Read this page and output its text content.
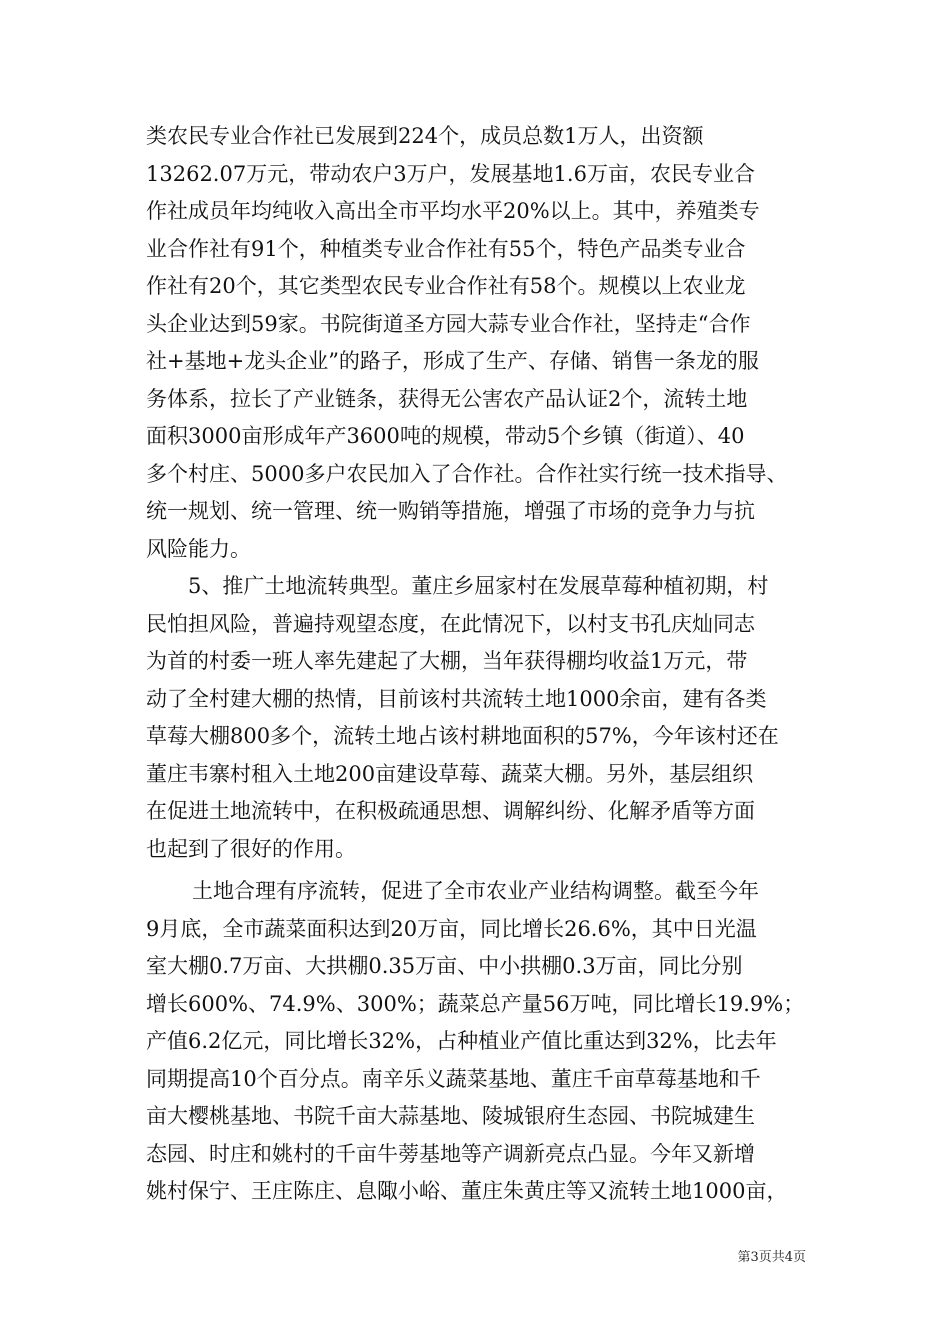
类农民专业合作社已发展到224个，成员总数1万人，出资额
13262.07万元，带动农户3万户，发展基地1.6万亩，农民专业合
作社成员年均纯收入高出全市平均水平20%以上。其中，养殖类专
业合作社有91个，种植类专业合作社有55个，特色产品类专业合
作社有20个，其它类型农民专业合作社有58个。规模以上农业龙
头企业达到59家。书院街道圣方园大蒜专业合作社，坚持走“合作
社+基地+龙头企业”的路子，形成了生产、存储、销售一条龙的服
务体系，拉长了产业链条，获得无公害农产品认证2个，流转土地
面积3000亩形成年产3600吨的规模，带动5个乡镇（街道）、40
多个村庄、5000多户农民加入了合作社。合作社实行统一技术指导、
统一规划、统一管理、统一购销等措施，增强了市场的竞争力与抗
风险能力。

5、推广土地流转典型。董庄乡屈家村在发展草莓种植初期，村
民怕担风险，普遍持观望态度，在此情况下，以村支书孔庆灿同志
为首的村委一班人率先建起了大棚，当年获得棚均收益1万元，带
动了全村建大棚的热情，目前该村共流转土地1000余亩，建有各类
草莓大棚800多个，流转土地占该村耕地面积的57%，今年该村还在
董庄韦寨村租入土地200亩建设草莓、蔬菜大棚。另外，基层组织
在促进土地流转中，在积极疏通思想、调解纠纷、化解矛盾等方面
也起到了很好的作用。

土地合理有序流转，促进了全市农业产业结构调整。截至今年
9月底，全市蔬菜面积达到20万亩，同比增长26.6%，其中日光温
室大棚0.7万亩、大拱棚0.35万亩、中小拱棚0.3万亩，同比分别
增长600%、74.9%、300%；蔬菜总产量56万吨，同比增长19.9%；
产值6.2亿元，同比增长32%，占种植业产值比重达到32%，比去年
同期提高10个百分点。南辛乐义蔬菜基地、董庄千亩草莓基地和千
亩大樱桃基地、书院千亩大蒜基地、陵城银府生态园、书院城建生
态园、时庄和姚村的千亩牛蒡基地等产调新亮点凸显。今年又新增
姚村保宁、王庄陈庄、息陬小峪、董庄朱黄庄等又流转土地1000亩，

第3页共4页
